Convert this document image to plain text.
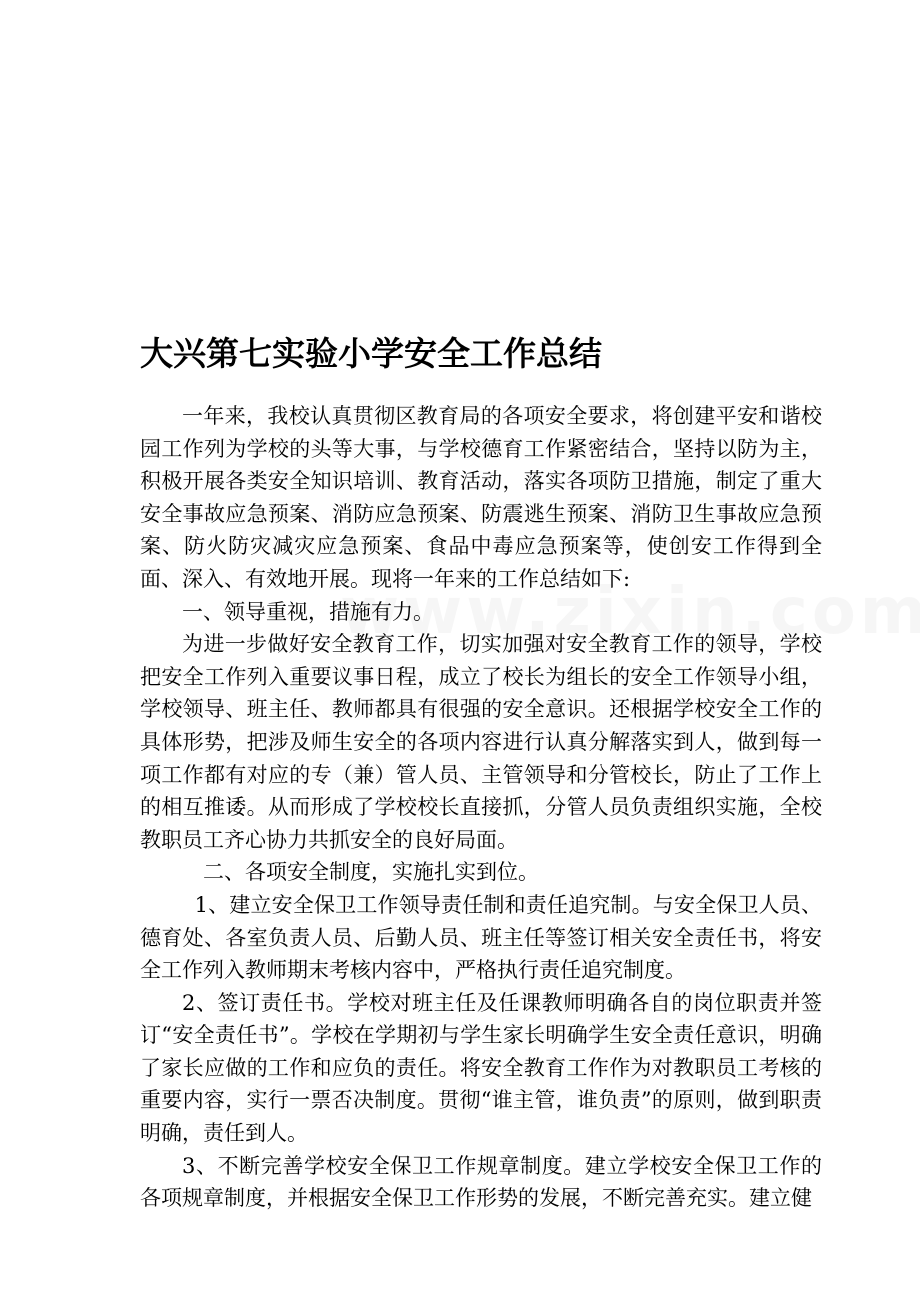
大兴第七实验小学安全工作总结

一年来，我校认真贯彻区教育局的各项安全要求，将创建平安和谐校园工作列为学校的头等大事，与学校德育工作紧密结合，坚持以防为主，积极开展各类安全知识培训、教育活动，落实各项防卫措施，制定了重大安全事故应急预案、消防应急预案、防震逃生预案、消防卫生事故应急预案、防火防灾减灾应急预案、食品中毒应急预案等，使创安工作得到全面、深入、有效地开展。现将一年来的工作总结如下:

一、领导重视，措施有力。

为进一步做好安全教育工作，切实加强对安全教育工作的领导，学校把安全工作列入重要议事日程，成立了校长为组长的安全工作领导小组，学校领导、班主任、教师都具有很强的安全意识。还根据学校安全工作的具体形势，把涉及师生安全的各项内容进行认真分解落实到人，做到每一项工作都有对应的专（兼）管人员、主管领导和分管校长，防止了工作上的相互推诿。从而形成了学校校长直接抓，分管人员负责组织实施，全校教职员工齐心协力共抓安全的良好局面。

二、各项安全制度，实施扎实到位。

1、建立安全保卫工作领导责任制和责任追究制。与安全保卫人员、德育处、各室负责人员、后勤人员、班主任等签订相关安全责任书，将安全工作列入教师期末考核内容中，严格执行责任追究制度。

2、签订责任书。学校对班主任及任课教师明确各自的岗位职责并签订“安全责任书”。学校在学期初与学生家长明确学生安全责任意识，明确了家长应做的工作和应负的责任。将安全教育工作作为对教职员工考核的重要内容，实行一票否决制度。贯彻“谁主管，谁负责”的原则，做到职责明确，责任到人。

3、不断完善学校安全保卫工作规章制度。建立学校安全保卫工作的各项规章制度，并根据安全保卫工作形势的发展，不断完善充实。建立健
